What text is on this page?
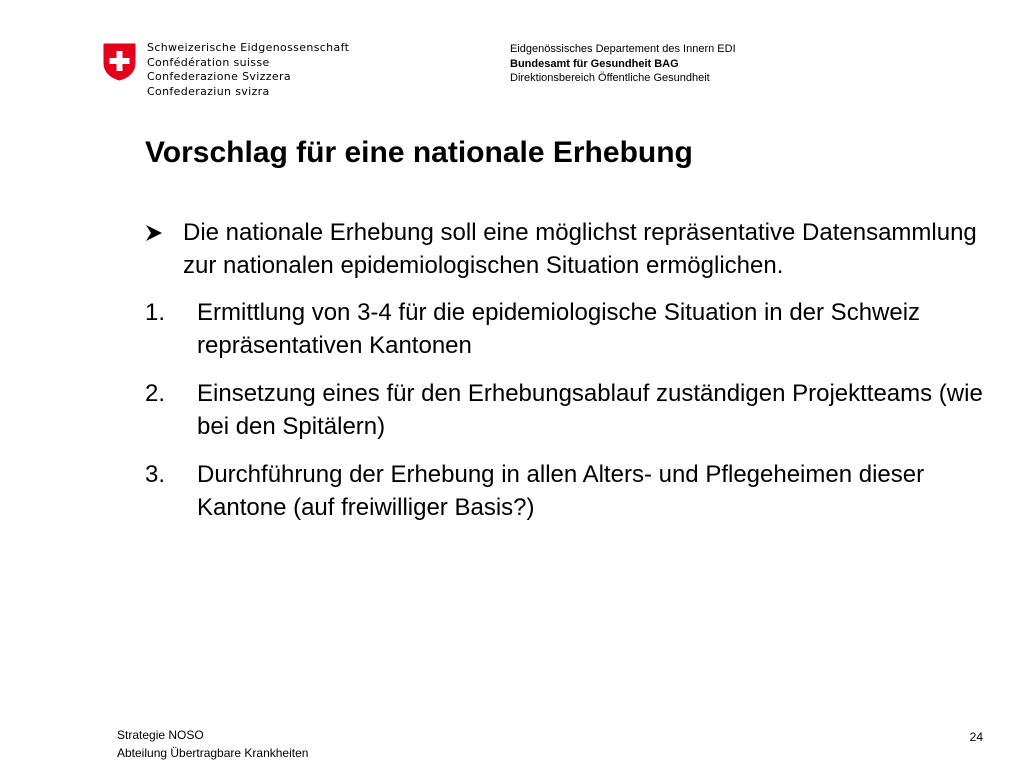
Schweizerische Eidgenossenschaft
Confédération suisse
Confederazione Svizzera
Confederaziun svizra
Eidgenössisches Departement des Innern EDI
Bundesamt für Gesundheit BAG
Direktionsbereich Öffentliche Gesundheit
Vorschlag für eine nationale Erhebung
Die nationale Erhebung soll eine möglichst repräsentative Datensammlung zur nationalen epidemiologischen Situation ermöglichen.
1. Ermittlung von 3-4 für die epidemiologische Situation in der Schweiz repräsentativen Kantonen
2. Einsetzung eines für den Erhebungsablauf zuständigen Projektteams (wie bei den Spitälern)
3. Durchführung der Erhebung in allen Alters- und Pflegeheimen dieser Kantone (auf freiwilliger Basis?)
Strategie NOSO
Abteilung Übertragbare Krankheiten
24
